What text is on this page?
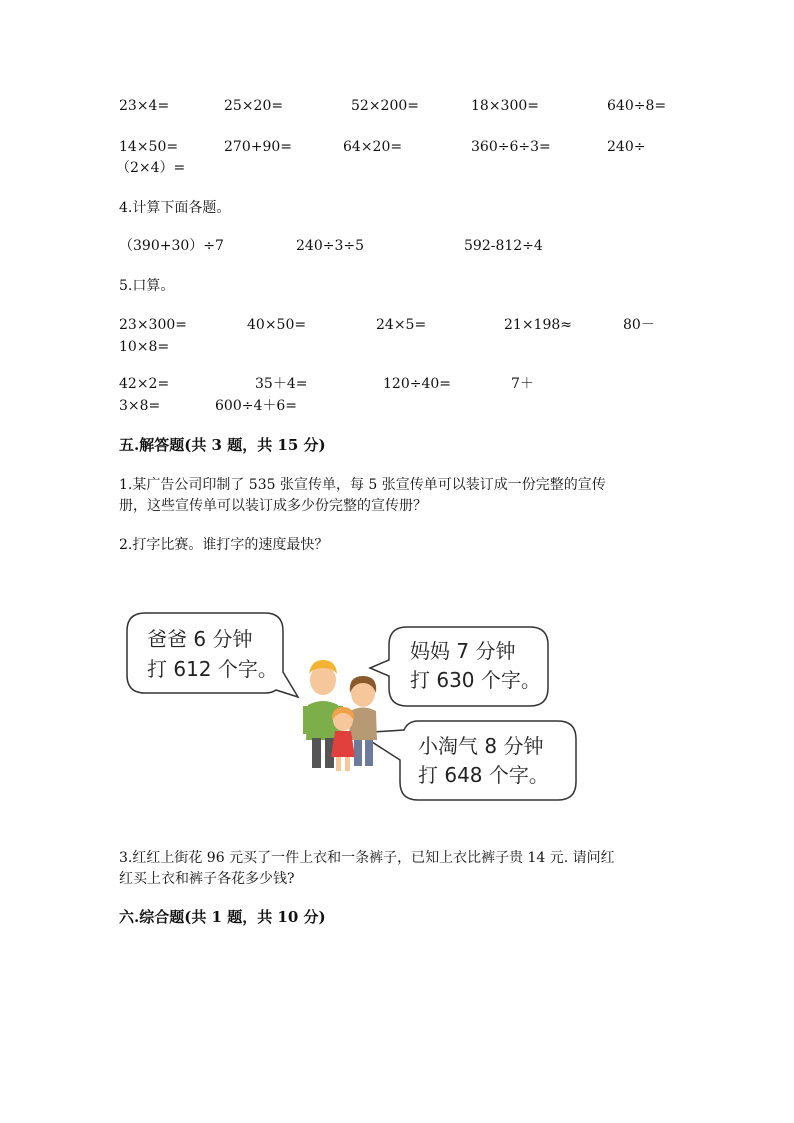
23×4=	25×20=	52×200=	18×300=	640÷8=
14×50=	270+90=	64×20=	360÷6÷3=	240÷
（2×4）=
4.计算下面各题。
（390+30）÷7	240÷3÷5	592-812÷4
5.口算。
23×300=	40×50=	24×5=	21×198≈	80－
10×8=
42×2=	35＋4=	120÷40=	7＋
3×8=	600÷4＋6=
五.解答题(共 3 题，共 15 分)
1.某广告公司印制了 535 张宣传单，每 5 张宣传单可以装订成一份完整的宣传
册，这些宣传单可以装订成多少份完整的宣传册？
2.打字比赛。谁打字的速度最快？
爸爸 6 分钟
打 612 个字。
妈妈 7 分钟
打 630 个字。
小淘气 8 分钟
打 648 个字。
3.红红上街花 96 元买了一件上衣和一条裤子，已知上衣比裤子贵 14 元. 请问红
红买上衣和裤子各花多少钱?
六.综合题(共 1 题，共 10 分)
